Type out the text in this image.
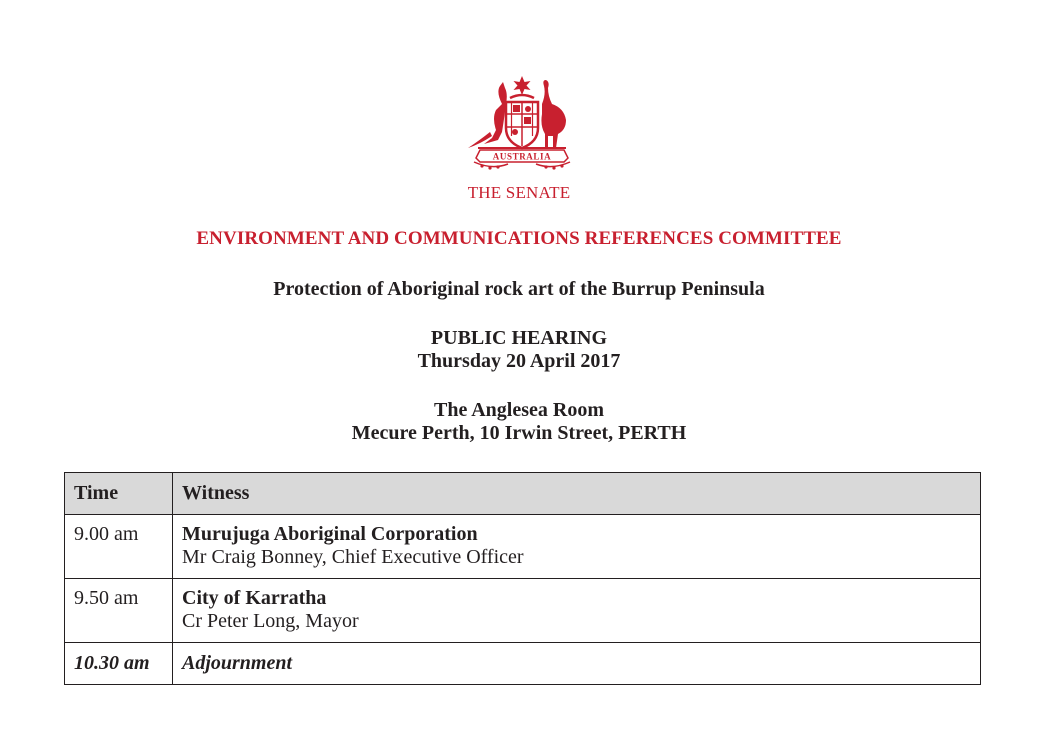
AUSTRALIA
THE SENATE
ENVIRONMENT AND COMMUNICATIONS REFERENCES COMMITTEE
Protection of Aboriginal rock art of the Burrup Peninsula
PUBLIC HEARING
Thursday 20 April 2017
The Anglesea Room
Mecure Perth, 10 Irwin Street, PERTH
Time	Witness
9.00 am	Murujuga Aboriginal Corporation
Mr Craig Bonney, Chief Executive Officer

9.50 am	City of Karratha
Cr Peter Long, Mayor

10.30 am	Adjournment
